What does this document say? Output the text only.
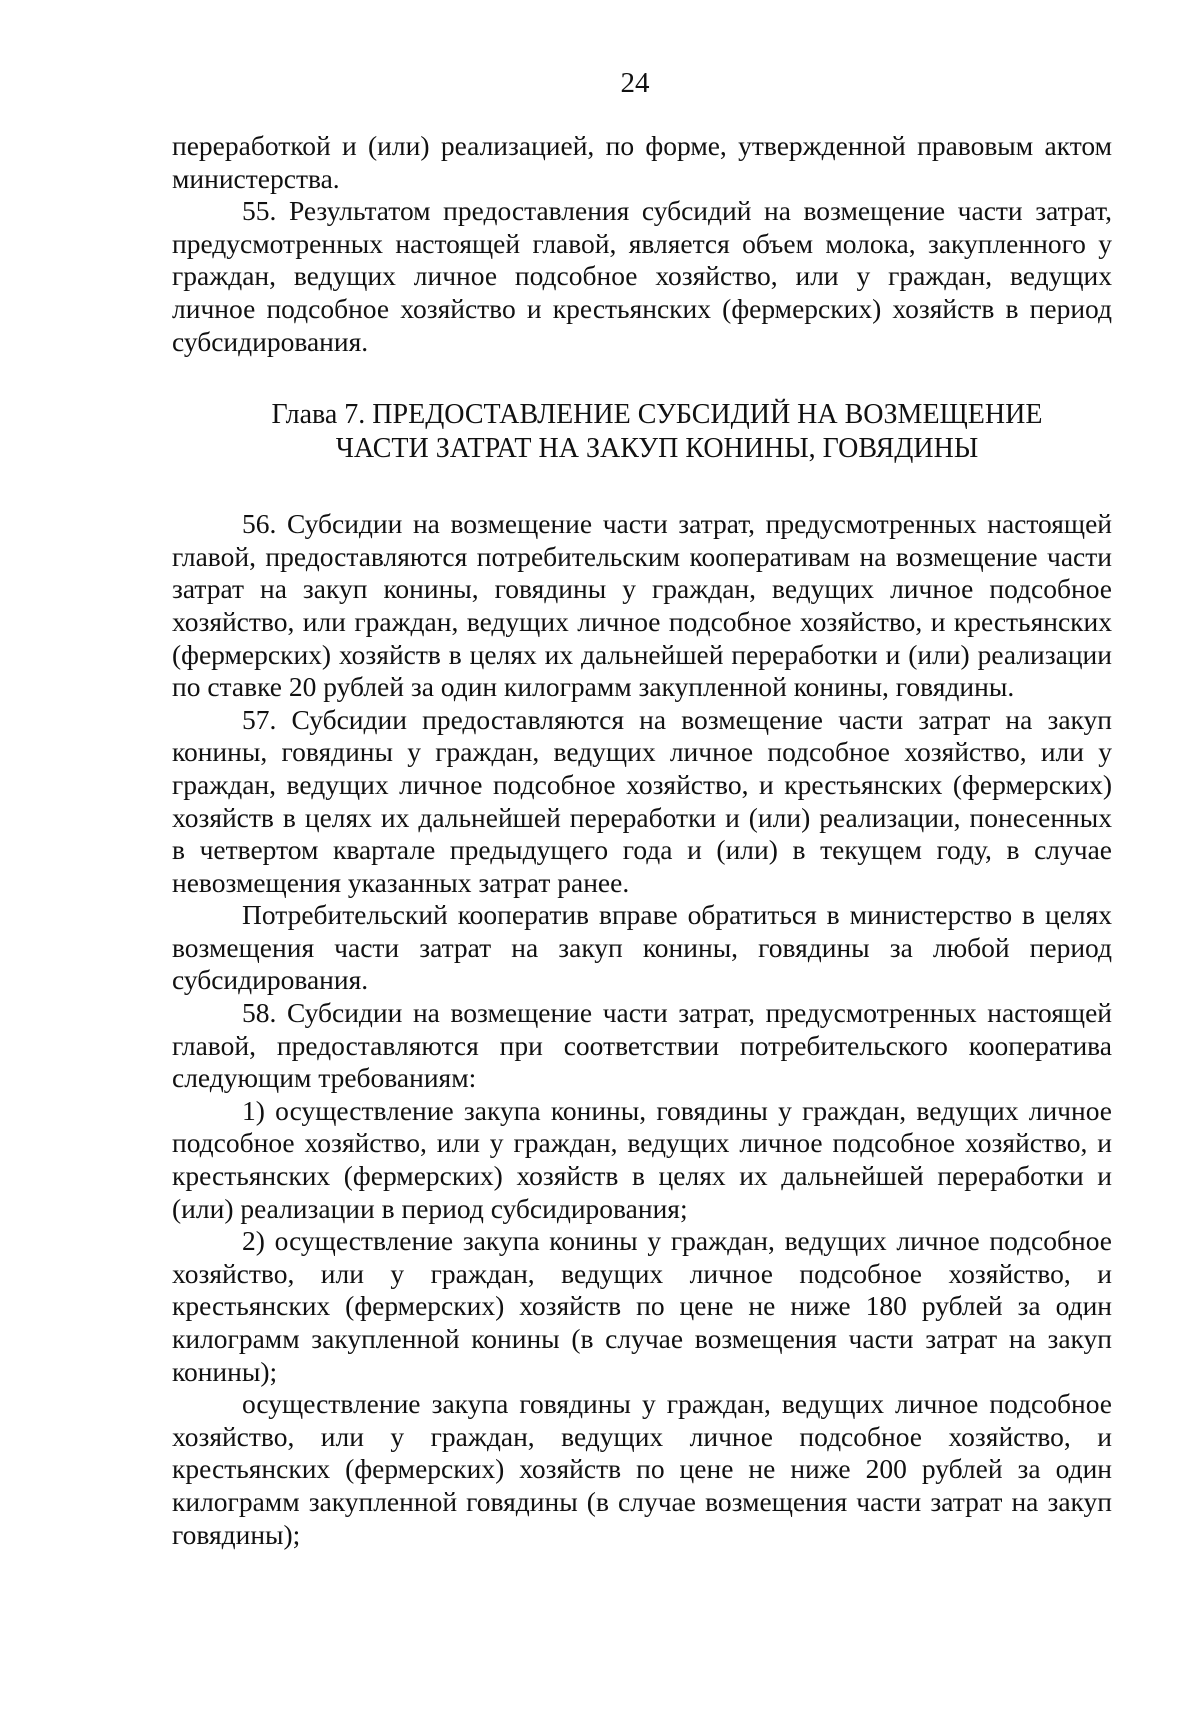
24

переработкой и (или) реализацией, по форме, утвержденной правовым актом министерства.

55. Результатом предоставления субсидий на возмещение части затрат, предусмотренных настоящей главой, является объем молока, закупленного у граждан, ведущих личное подсобное хозяйство, или у граждан, ведущих личное подсобное хозяйство и крестьянских (фермерских) хозяйств в период субсидирования.

Глава 7. ПРЕДОСТАВЛЕНИЕ СУБСИДИЙ НА ВОЗМЕЩЕНИЕ
ЧАСТИ ЗАТРАТ НА ЗАКУП КОНИНЫ, ГОВЯДИНЫ

56. Субсидии на возмещение части затрат, предусмотренных настоящей главой, предоставляются потребительским кооперативам на возмещение части затрат на закуп конины, говядины у граждан, ведущих личное подсобное хозяйство, или граждан, ведущих личное подсобное хозяйство, и крестьянских (фермерских) хозяйств в целях их дальнейшей переработки и (или) реализации по ставке 20 рублей за один килограмм закупленной конины, говядины.

57. Субсидии предоставляются на возмещение части затрат на закуп конины, говядины у граждан, ведущих личное подсобное хозяйство, или у граждан, ведущих личное подсобное хозяйство, и крестьянских (фермерских) хозяйств в целях их дальнейшей переработки и (или) реализации, понесенных в четвертом квартале предыдущего года и (или) в текущем году, в случае невозмещения указанных затрат ранее.

Потребительский кооператив вправе обратиться в министерство в целях возмещения части затрат на закуп конины, говядины за любой период субсидирования.

58. Субсидии на возмещение части затрат, предусмотренных настоящей главой, предоставляются при соответствии потребительского кооператива следующим требованиям:

1) осуществление закупа конины, говядины у граждан, ведущих личное подсобное хозяйство, или у граждан, ведущих личное подсобное хозяйство, и крестьянских (фермерских) хозяйств в целях их дальнейшей переработки и (или) реализации в период субсидирования;

2) осуществление закупа конины у граждан, ведущих личное подсобное хозяйство, или у граждан, ведущих личное подсобное хозяйство, и крестьянских (фермерских) хозяйств по цене не ниже 180 рублей за один килограмм закупленной конины (в случае возмещения части затрат на закуп конины);

осуществление закупа говядины у граждан, ведущих личное подсобное хозяйство, или у граждан, ведущих личное подсобное хозяйство, и крестьянских (фермерских) хозяйств по цене не ниже 200 рублей за один килограмм закупленной говядины (в случае возмещения части затрат на закуп говядины);
